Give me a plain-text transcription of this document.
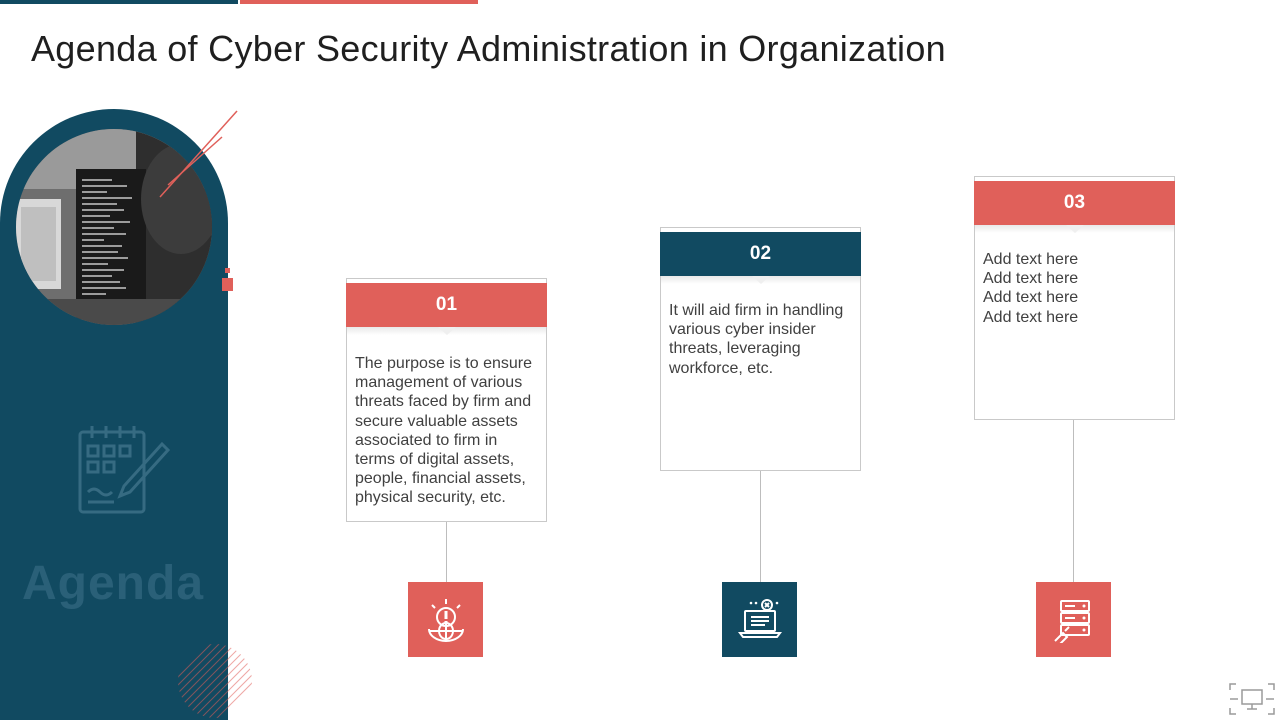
Agenda of Cyber Security Administration in Organization
Agenda
01
The purpose is to ensure management of various threats faced by firm and secure valuable assets associated to firm in terms of digital assets, people, financial assets, physical security, etc.
02
It will aid firm in handling various cyber insider threats, leveraging workforce, etc.
03
Add text here
Add text here
Add text here
Add text here
